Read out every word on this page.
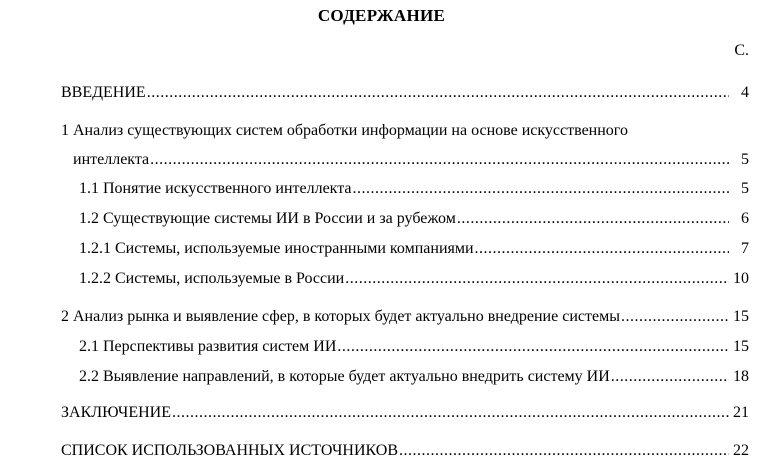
СОДЕРЖАНИЕ
С.
ВВЕДЕНИЕ .....	4
1 Анализ существующих систем обработки информации на основе искусственного
интеллекта .....	5
1.1 Понятие искусственного интеллекта .....	5
1.2 Существующие системы ИИ в России и за рубежом .....	6
1.2.1 Системы, используемые иностранными компаниями .....	7
1.2.2 Системы, используемые в России .....	10
2 Анализ рынка и выявление сфер, в которых будет актуально внедрение системы .....	15
2.1 Перспективы развития систем ИИ .....	15
2.2 Выявление направлений, в которые будет актуально внедрить систему ИИ .....	18
ЗАКЛЮЧЕНИЕ .....	21
СПИСОК ИСПОЛЬЗОВАННЫХ ИСТОЧНИКОВ .....	22
